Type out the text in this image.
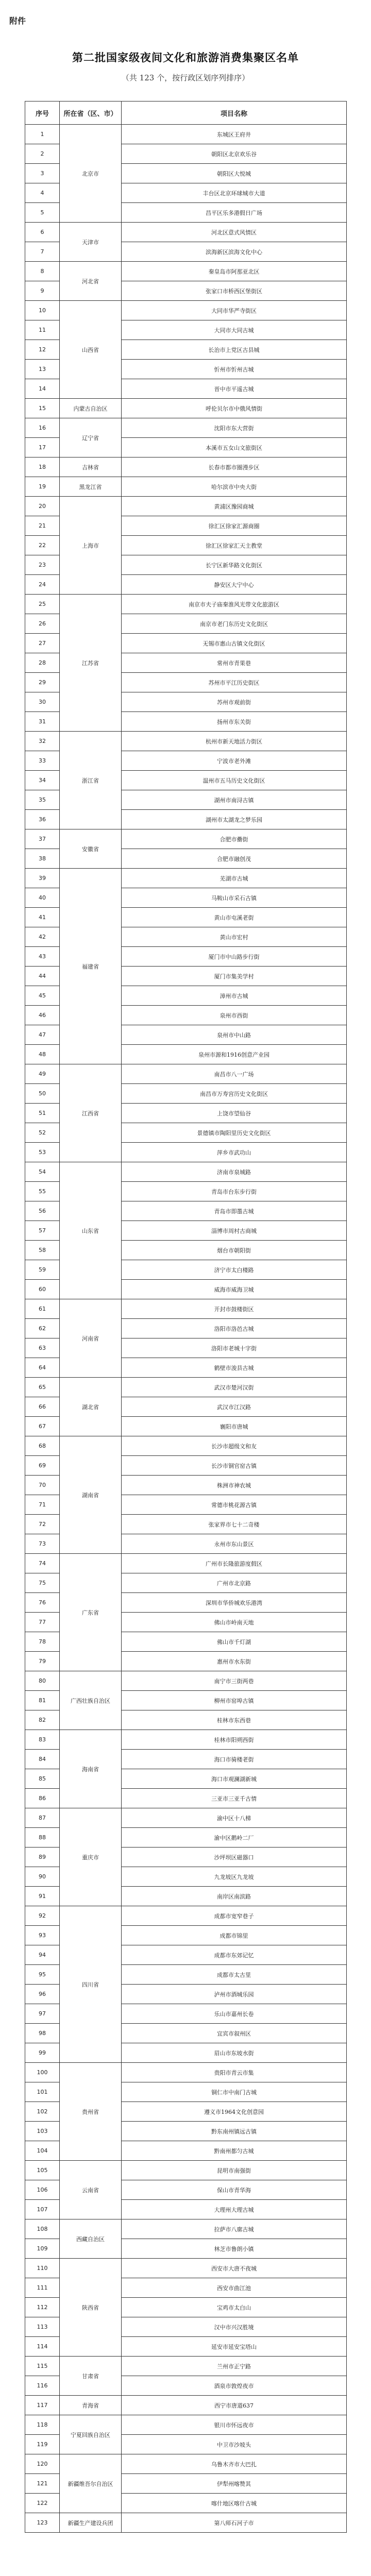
附件
第二批国家级夜间文化和旅游消费集聚区名单
（共 123 个，按行政区划序列排序）
序号	所在省（区、市）	项目名称
1	北京市	东城区王府井
2		朝阳区北京欢乐谷
3		朝阳区大悦城
4		丰台区北京环球城市大道
5		昌平区乐多港假日广场
6	天津市	河北区意式风情区
7		滨海新区滨海文化中心
8	河北省	秦皇岛市阿那亚北区
9		张家口市桥西区堡街区
10	山西省	大同市华严寺街区
11		大同市大同古城
12		长治市上党区古县城
13		忻州市忻州古城
14		晋中市平遥古城
15	内蒙古自治区	呼伦贝尔市中俄风情街
16	辽宁省	沈阳市东大营街
17		本溪市五女山文旅街区
18	吉林省	长春市都市圈漫步区
19	黑龙江省	哈尔滨市中央大街
20	上海市	黄浦区豫园商城
21		徐汇区徐家汇源商圈
22		徐汇区徐家汇天主教堂
23		长宁区新华路文化街区
24		静安区大宁中心
25	江苏省	南京市夫子庙秦淮风光带文化旅游区
26		南京市老门东历史文化街区
27		无锡市惠山古镇文化街区
28		常州市青果巷
29		苏州市平江历史街区
30		苏州市观前街
31		扬州市东关街
32	浙江省	杭州市新天地活力街区
33		宁波市老外滩
34		温州市五马历史文化街区
35		湖州市南浔古镇
36		湖州市太湖龙之梦乐园
37	安徽省	合肥市罍街
38		合肥市融创茂
39	福建省	芜湖市古城
40		马鞍山市采石古镇
41		黄山市屯溪老街
42		黄山市宏村
43		厦门市中山路步行街
44		厦门市集美学村
45		漳州市古城
46		泉州市西街
47		泉州市中山路
48		泉州市源和1916创意产业园
49	江西省	南昌市八一广场
50		南昌市万寿宫历史文化街区
51		上饶市望仙谷
52		景德镇市陶阳里历史文化街区
53		萍乡市武功山
54	山东省	济南市泉城路
55		青岛市台东步行街
56		青岛市即墨古城
57		淄博市周村古商城
58		烟台市朝阳街
59		济宁市太白楼路
60		威海市威海卫城
61	河南省	开封市鼓楼街区
62		洛阳市洛邑古城
63		洛阳市老城十字街
64		鹤壁市浚县古城
65	湖北省	武汉市楚河汉街
66		武汉市江汉路
67		襄阳市唐城
68	湖南省	长沙市超级文和友
69		长沙市铜官窑古镇
70		株洲市神农城
71		常德市桃花源古镇
72		张家界市七十二奇楼
73		永州市东山景区
74	广东省	广州市长隆旅游度假区
75		广州市北京路
76		深圳市华侨城欢乐港湾
77		佛山市岭南天地
78		佛山市千灯湖
79		惠州市水东街
80	广西壮族自治区	南宁市三街两巷
81		柳州市窑埠古镇
82		桂林市东西巷
83	海南省	桂林市阳朔西街
84		海口市骑楼老街
85		海口市观澜湖新城
86		三亚市三亚千古情
87	重庆市	渝中区十八梯
88		渝中区鹅岭二厂
89		沙坪坝区磁器口
90		九龙坡区九龙坡
91		南岸区南滨路
92	四川省	成都市宽窄巷子
93		成都市锦里
94		成都市东郊记忆
95		成都市太古里
96		泸州市酒城乐园
97		乐山市嘉州长卷
98		宜宾市叙州区
99		眉山市东坡水街
100	贵州省	贵阳市青云市集
101		铜仁市中南门古城
102		遵义市1964文化创意园
103		黔东南州镇远古镇
104		黔南州都匀古城
105	云南省	昆明市南强街
106		保山市青华海
107		大理州大理古城
108	西藏自治区	拉萨市八廓古城
109		林芝市鲁朗小镇
110	陕西省	西安市大唐不夜城
111		西安市曲江池
112		宝鸡市太白山
113		汉中市兴汉胜境
114		延安市延安宝塔山
115	甘肃省	兰州市正宁路
116		酒泉市敦煌夜市
117	青海省	西宁市唐道637
118	宁夏回族自治区	银川市怀远夜市
119		中卫市沙坡头
120	新疆维吾尔自治区	乌鲁木齐市大巴扎
121		伊犁州喀赞其
122		喀什地区喀什古城
123	新疆生产建设兵团	第八师石河子市
